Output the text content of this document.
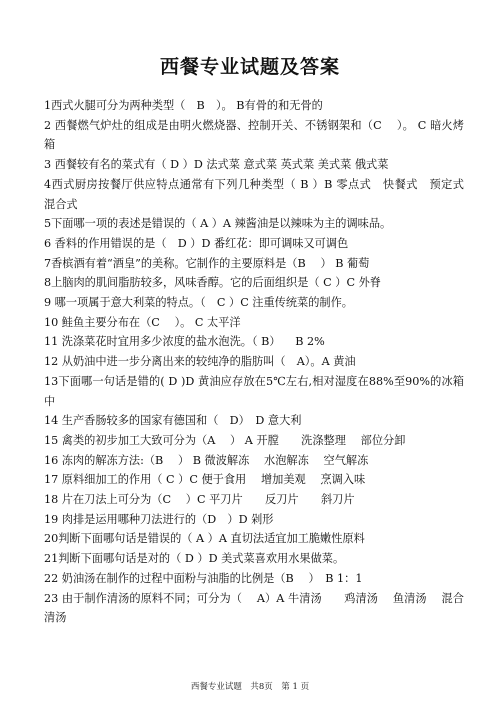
西餐专业试题及答案

1西式火腿可分为两种类型（　B　）。 B有骨的和无骨的

2 西餐燃气炉灶的组成是由明火燃烧器、控制开关、不锈钢架和（C　 ）。 C 暗火烤箱

3 西餐较有名的菜式有（ D ）D 法式菜 意式菜 英式菜 美式菜 俄式菜

4西式厨房按餐厅供应特点通常有下列几种类型（ B ）B 零点式　快餐式　预定式　混合式

5下面哪一项的表述是错误的（ A ）A 辣酱油是以辣味为主的调味品。

6 香料的作用错误的是（　D ）D 番红花：即可调味又可调色

7香槟酒有着“酒皇”的美称。它制作的主要原料是（B　 ） B 葡萄

8上脑肉的肌间脂肪较多，风味香醇。它的后面组织是（ C ）C 外脊

9 哪一项属于意大利菜的特点。（　C ）C 注重传统菜的制作。

10 鲑鱼主要分布在（C　 ）。 C 太平洋

11 洗涤菜花时宜用多少浓度的盐水泡洗。（ B） 　B 2%

12 从奶油中进一步分离出来的较纯净的脂肪叫（　A）。A 黄油

13下面哪一句话是错的( D )D 黄油应存放在5℃左右,相对湿度在88%至90%的冰箱中

14 生产香肠较多的国家有德国和（　D）　D 意大利

15 禽类的初步加工大致可分为（A　 ） A 开膛　　洗涤整理　 部位分卸

16 冻肉的解冻方法:（B　 ） B 微波解冻　 水泡解冻　 空气解冻

17 原料细加工的作用（ C ）C 便于食用　 增加美观　 烹调入味

18 片在刀法上可分为（C　 ）C 平刀片　　反刀片　　斜刀片

19 肉排是运用哪种刀法进行的（D　）D 剁形

20判断下面哪句话是错误的（ A ）A 直切法适宜加工脆嫩性原料

21判断下面哪句话是对的（ D ）D 美式菜喜欢用水果做菜。

22 奶油汤在制作的过程中面粉与油脂的比例是（B　 ）　B 1：1

23 由于制作清汤的原料不同；可分为（　 A）A 牛清汤　　鸡清汤　 鱼清汤　 混合清汤

西餐专业试题　共8页　第 1 页
